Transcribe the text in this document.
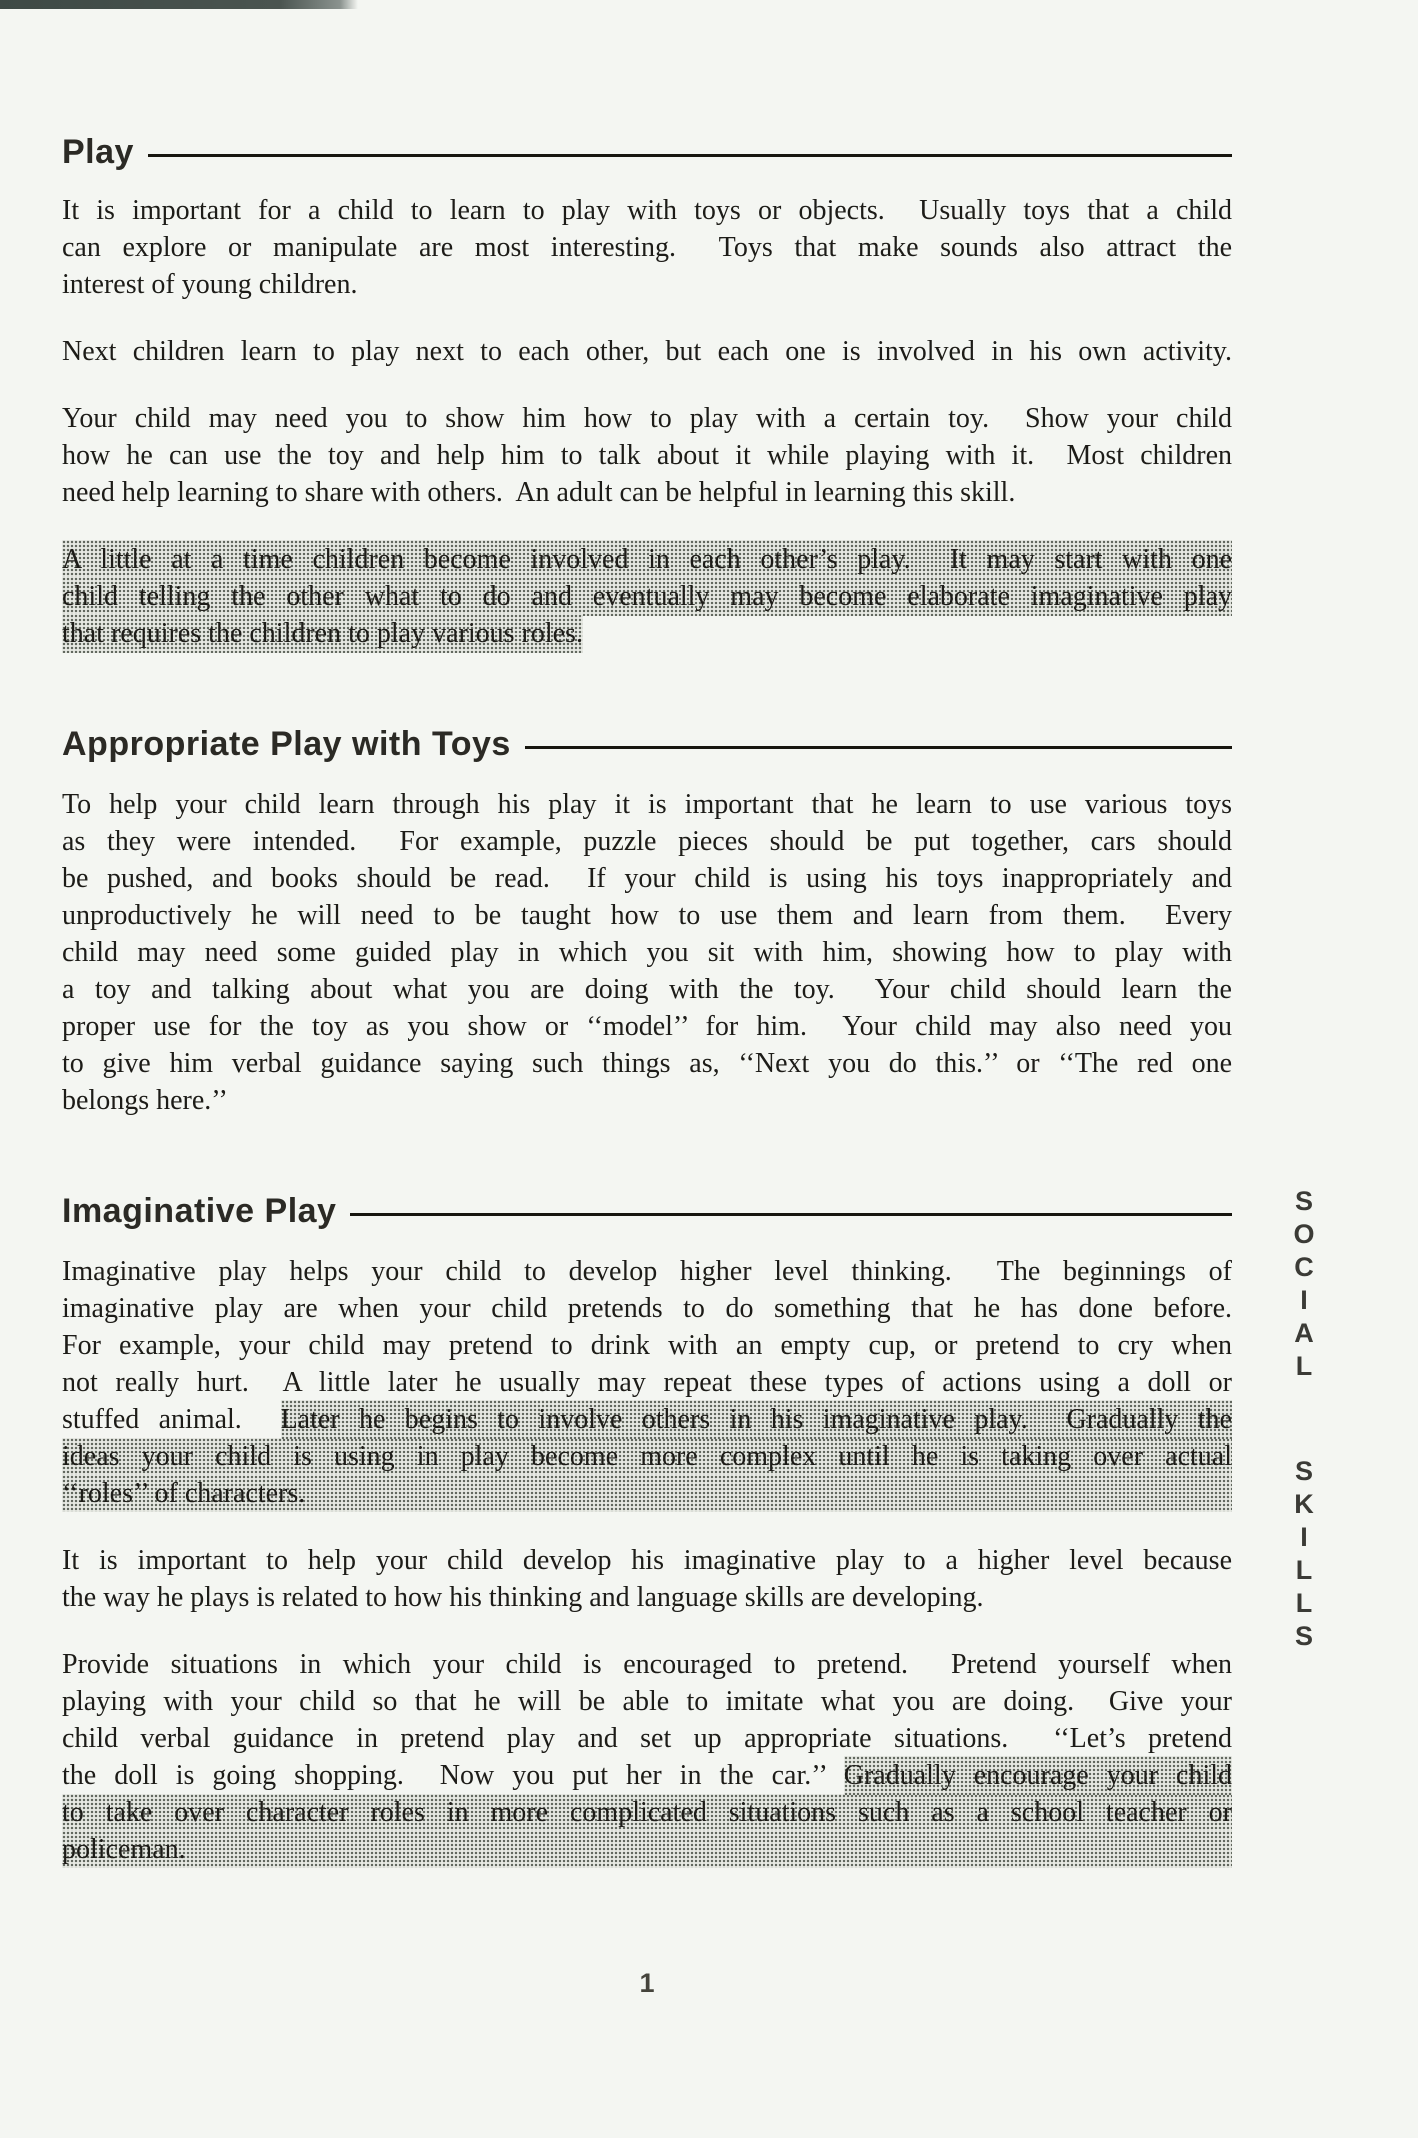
Play
It is important for a child to learn to play with toys or objects.  Usually toys that a child
can explore or manipulate are most interesting.  Toys that make sounds also attract the
interest of young children.
Next children learn to play next to each other, but each one is involved in his own activity.
Your child may need you to show him how to play with a certain toy.  Show your child
how he can use the toy and help him to talk about it while playing with it.  Most children
need help learning to share with others.  An adult can be helpful in learning this skill.
A little at a time children become involved in each other’s play.  It may start with one
child telling the other what to do and eventually may become elaborate imaginative play
that requires the children to play various roles.
Appropriate Play with Toys
To help your child learn through his play it is important that he learn to use various toys
as they were intended.  For example, puzzle pieces should be put together, cars should
be pushed, and books should be read.  If your child is using his toys inappropriately and
unproductively he will need to be taught how to use them and learn from them.  Every
child may need some guided play in which you sit with him, showing how to play with
a toy and talking about what you are doing with the toy.  Your child should learn the
proper use for the toy as you show or ‘‘model’’ for him.  Your child may also need you
to give him verbal guidance saying such things as, ‘‘Next you do this.’’ or ‘‘The red one
belongs here.’’
Imaginative Play
Imaginative play helps your child to develop higher level thinking.  The beginnings of
imaginative play are when your child pretends to do something that he has done before.
For example, your child may pretend to drink with an empty cup, or pretend to cry when
not really hurt.  A little later he usually may repeat these types of actions using a doll or
stuffed animal.  Later he begins to involve others in his imaginative play.  Gradually the
ideas your child is using in play become more complex until he is taking over actual
‘‘roles’’ of characters.
It is important to help your child develop his imaginative play to a higher level because
the way he plays is related to how his thinking and language skills are developing.
Provide situations in which your child is encouraged to pretend.  Pretend yourself when
playing with your child so that he will be able to imitate what you are doing.  Give your
child verbal guidance in pretend play and set up appropriate situations.  ‘‘Let’s pretend
the doll is going shopping.  Now you put her in the car.’’ Gradually encourage your child
to take over character roles in more complicated situations such as a school teacher or
policeman.
1
S
O
C
I
A
L
S
K
I
L
L
S
